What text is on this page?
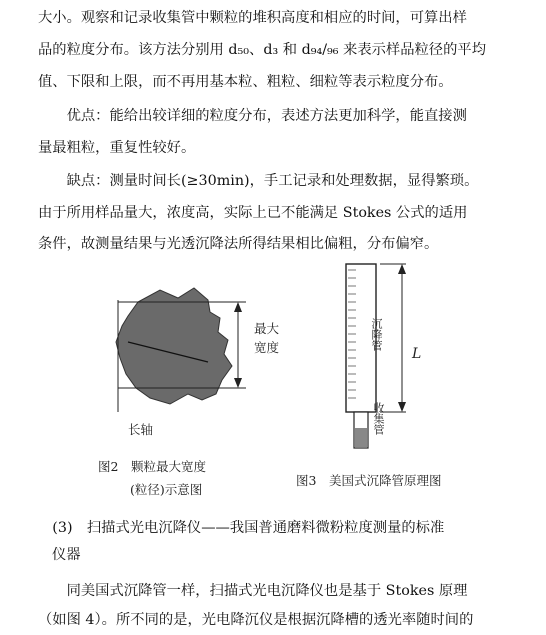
大小。观察和记录收集管中颗粒的堆积高度和相应的时间，可算出样
品的粒度分布。该方法分别用 d₅₀、d₃ 和 d₉₄/₉₆ 来表示样品粒径的平均
值、下限和上限，而不再用基本粒、粗粒、细粒等表示粒度分布。
　　优点：能给出较详细的粒度分布，表述方法更加科学，能直接测
量最粗粒，重复性较好。
　　缺点：测量时间长(≥30min)，手工记录和处理数据，显得繁琐。
由于所用样品量大，浓度高，实际上已不能满足 Stokes 公式的适用
条件，故测量结果与光透沉降法所得结果相比偏粗，分布偏窄。
最大
宽度
长轴
图2　颗粒最大宽度
(粒径)示意图
沉降管
收集管
L
图3　美国式沉降管原理图
　(3)　扫描式光电沉降仪——我国普通磨料微粉粒度测量的标准
仪器
　　同美国式沉降管一样，扫描式光电沉降仪也是基于 Stokes 原理
（如图 4）。所不同的是，光电降沉仪是根据沉降槽的透光率随时间的
